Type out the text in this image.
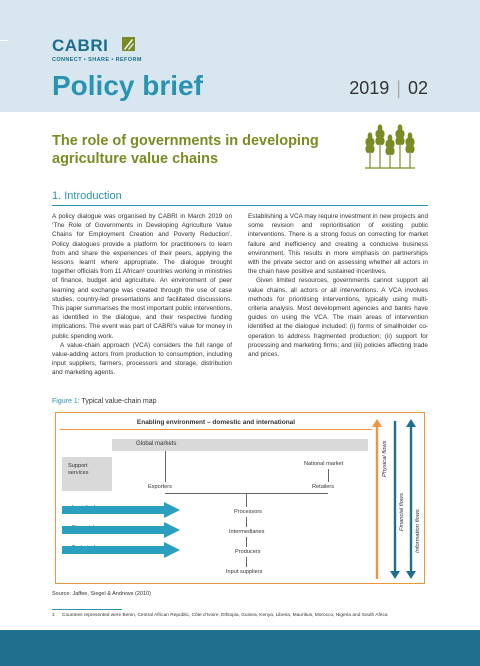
CABRI
CONNECT • SHARE • REFORM
Policy brief	2019 | 02
The role of governments in developing agriculture value chains
1. Introduction

A policy dialogue was organised by CABRI in March 2019 on ‘The Role of Governments in Developing Agriculture Value Chains for Employment Creation and Poverty Reduction’. Policy dialogues provide a platform for practitioners to learn from and share the experiences of their peers, applying the lessons learnt where appropriate. The dialogue brought together officials from 11 African¹ countries working in ministries of finance, budget and agriculture. An environment of peer learning and exchange was created through the use of case studies, country-led presentations and facilitated discussions. This paper summarises the most important public interventions, as identified in the dialogue, and their respective funding implications. The event was part of CABRI’s value for money in public spending work.

A value-chain approach (VCA) considers the full range of value-adding actors from production to consumption, including input suppliers, farmers, processors and storage, distribution and marketing agents.

Establishing a VCA may require investment in new projects and some revision and reprioritisation of existing public interventions. There is a strong focus on correcting for market failure and inefficiency and creating a conducive business environment. This results in more emphasis on partnerships with the private sector and on assessing whether all actors in the chain have positive and sustained incentives.

Given limited resources, governments cannot support all value chains, all actors or all interventions. A VCA involves methods for prioritising interventions, typically using multi-criteria analysis. Most development agencies and banks have guides on using the VCA. The main areas of intervention identified at the dialogue included: (i) forms of smallholder co-operation to address fragmented production; (ii) support for processing and marketing firms; and (iii) policies affecting trade and prices.

Figure 1: Typical value-chain map
Enabling environment – domestic and international
Global markets
Support
services
National market
Exporters	Retailers
Processors
Intermediaries
Producers
Input suppliers
Physical flows
Financial flows Information flows
Source: Jaffee, Siegel & Andrews (2010)
1 Countries represented were Benin, Central African Republic, Côte d’Ivoire, Ethiopia, Guinea, Kenya, Liberia, Mauritius, Morocco, Nigeria and South Africa
